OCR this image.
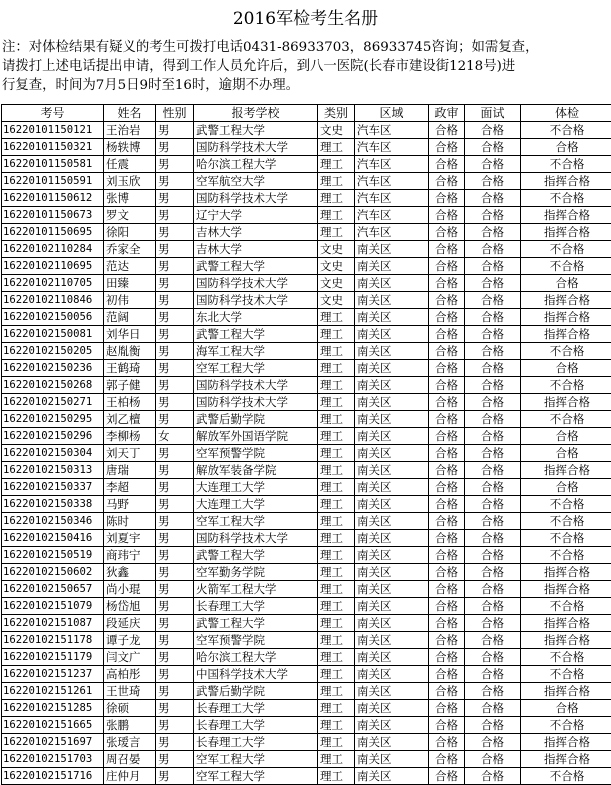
2016军检考生名册

注：对体检结果有疑义的考生可拨打电话0431-86933703，86933745咨询；如需复查，
请拨打上述电话提出申请，得到工作人员允许后，到八一医院(长春市建设街1218号)进
行复查，时间为7月5日9时至16时，逾期不办理。

考号	姓名	性别	报考学校	类别	区域	政审	面试	体检
16220101150121	王治岩	男	武警工程大学	文史	汽车区	合格	合格	不合格
16220101150321	杨轶博	男	国防科学技术大学	理工	汽车区	合格	合格	合格
16220101150581	任震	男	哈尔滨工程大学	理工	汽车区	合格	合格	不合格
16220101150591	刘玉欣	男	空军航空大学	理工	汽车区	合格	合格	指挥合格
16220101150612	张博	男	国防科学技术大学	理工	汽车区	合格	合格	不合格
16220101150673	罗文	男	辽宁大学	理工	汽车区	合格	合格	指挥合格
16220101150695	徐阳	男	吉林大学	理工	汽车区	合格	合格	指挥合格
16220102110284	乔家全	男	吉林大学	文史	南关区	合格	合格	不合格
16220102110695	范达	男	武警工程大学	文史	南关区	合格	合格	不合格
16220102110705	田臻	男	国防科学技术大学	文史	南关区	合格	合格	合格
16220102110846	初伟	男	国防科学技术大学	文史	南关区	合格	合格	指挥合格
16220102150056	范阔	男	东北大学	理工	南关区	合格	合格	指挥合格
16220102150081	刘华日	男	武警工程大学	理工	南关区	合格	合格	指挥合格
16220102150205	赵胤衡	男	海军工程大学	理工	南关区	合格	合格	不合格
16220102150236	王鹤琦	男	空军工程大学	理工	南关区	合格	合格	合格
16220102150268	郭子健	男	国防科学技术大学	理工	南关区	合格	合格	不合格
16220102150271	王柏杨	男	国防科学技术大学	理工	南关区	合格	合格	指挥合格
16220102150295	刘乙檀	男	武警后勤学院	理工	南关区	合格	合格	不合格
16220102150296	李柳杨	女	解放军外国语学院	理工	南关区	合格	合格	合格
16220102150304	刘天丁	男	空军预警学院	理工	南关区	合格	合格	合格
16220102150313	唐瑞	男	解放军装备学院	理工	南关区	合格	合格	指挥合格
16220102150337	李超	男	大连理工大学	理工	南关区	合格	合格	合格
16220102150338	马野	男	大连理工大学	理工	南关区	合格	合格	不合格
16220102150346	陈时	男	空军工程大学	理工	南关区	合格	合格	不合格
16220102150416	刘夏宇	男	国防科学技术大学	理工	南关区	合格	合格	不合格
16220102150519	商玮宁	男	武警工程大学	理工	南关区	合格	合格	不合格
16220102150602	狄鑫	男	空军勤务学院	理工	南关区	合格	合格	指挥合格
16220102150657	尚小琨	男	火箭军工程大学	理工	南关区	合格	合格	指挥合格
16220102151079	杨岱旭	男	长春理工大学	理工	南关区	合格	合格	不合格
16220102151087	段延庆	男	武警工程大学	理工	南关区	合格	合格	指挥合格
16220102151178	谭子龙	男	空军预警学院	理工	南关区	合格	合格	指挥合格
16220102151179	闫文广	男	哈尔滨工程大学	理工	南关区	合格	合格	不合格
16220102151237	高柏彤	男	中国科学技术大学	理工	南关区	合格	合格	不合格
16220102151261	王世琦	男	武警后勤学院	理工	南关区	合格	合格	指挥合格
16220102151285	徐硕	男	长春理工大学	理工	南关区	合格	合格	合格
16220102151665	张鹏	男	长春理工大学	理工	南关区	合格	合格	不合格
16220102151697	张瑷言	男	长春理工大学	理工	南关区	合格	合格	指挥合格
16220102151703	周召晏	男	空军工程大学	理工	南关区	合格	合格	指挥合格
16220102151716	庄仲月	男	空军工程大学	理工	南关区	合格	合格	不合格
